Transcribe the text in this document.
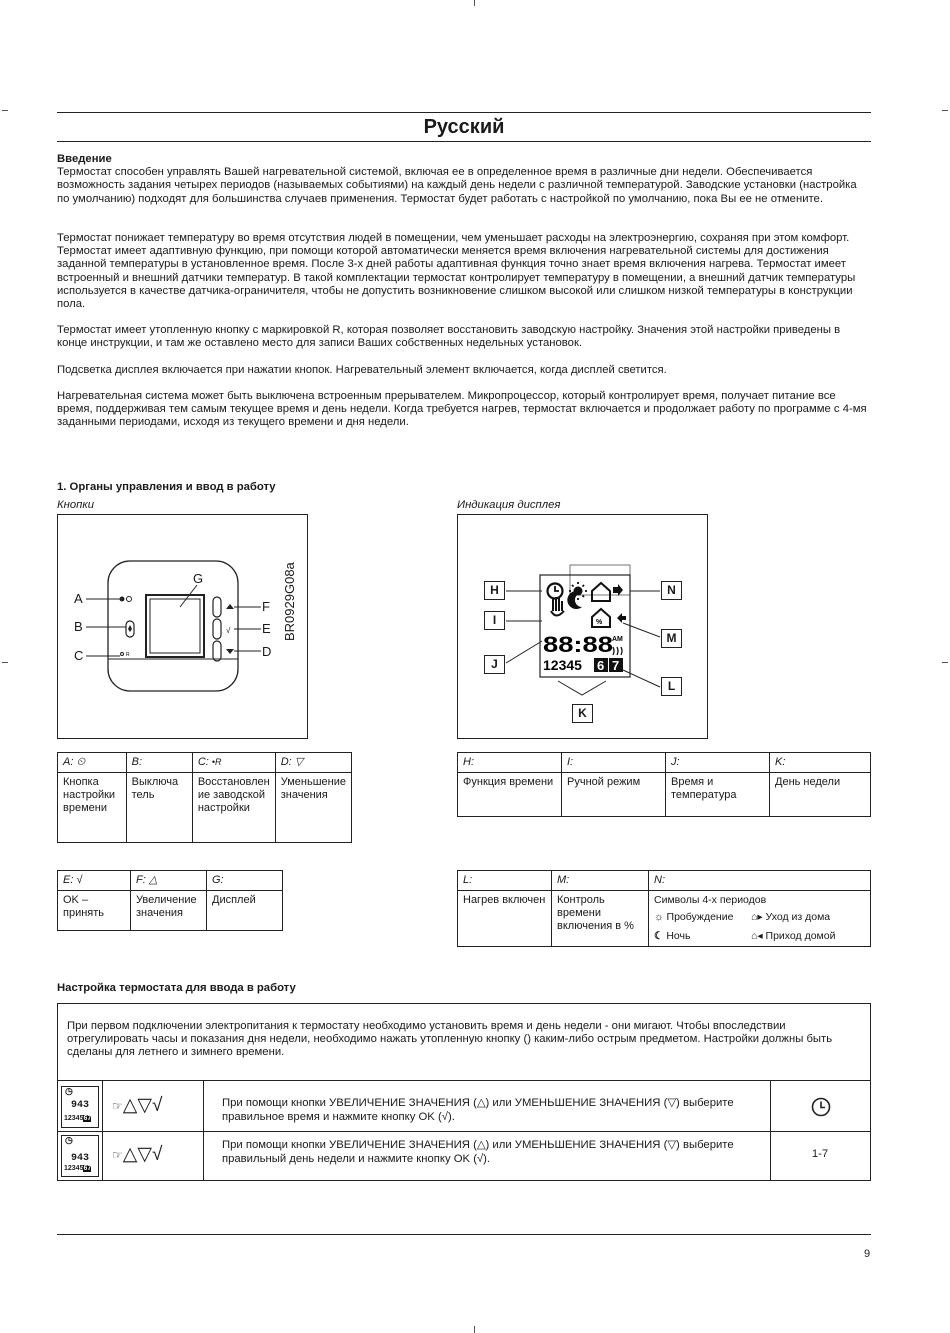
Русский
Введение
Термостат способен управлять Вашей нагревательной системой, включая ее в определенное время в различные дни недели. Обеспечивается возможность задания четырех периодов (называемых событиями) на каждый день недели с различной температурой. Заводские установки (настройка по умолчанию) подходят для большинства случаев применения. Термостат будет работать с настройкой по умолчанию, пока Вы ее не отмените.
Термостат понижает температуру во время отсутствия людей в помещении, чем уменьшает расходы на электроэнергию, сохраняя при этом комфорт. Термостат имеет адаптивную функцию, при помощи которой автоматически меняется время включения нагревательной системы для достижения заданной температуры в установленное время. После 3-х дней работы адаптивная функция точно знает время включения нагрева. Термостат имеет встроенный и внешний датчики температур. В такой комплектации термостат контролирует температуру в помещении, а внешний датчик температуры используется в качестве датчика-ограничителя, чтобы не допустить возникновение слишком высокой или слишком низкой температуры в конструкции пола.
Термостат имеет утопленную кнопку с маркировкой R, которая позволяет восстановить заводскую настройку. Значения этой настройки приведены в конце инструкции, и там же оставлено место для записи Ваших собственных недельных установок.
Подсветка дисплея включается при нажатии кнопок. Нагревательный элемент включается, когда дисплей светится.
Нагревательная система может быть выключена встроенным прерывателем. Микропроцессор, который контролирует время, получает питание все время, поддерживая тем самым текущее время и день недели. Когда требуется нагрев, термостат включается и продолжает работу по программе с 4-мя заданными периодами, исходя из текущего времени и дня недели.
1. Органы управления и ввод в работу
Кнопки	Индикация дисплея
R
√
A
B
C
G
F
E
D
BR0929G08a	%
88:88 AM
12345 6 7
H
I
J
N
M
L
K
A: ⏲	B:	C: •R	D: ▽
Кнопка настройки времени	Выключа тель	Восстановлен ие заводской настройки	Уменьшение значения
H:	I:	J:	K:
Функция времени	Ручной режим	Время и температура	День недели
E: √	F: △	G:
OK – принять	Увеличение значения	Дисплей
L:	M:	N:
Нагрев включен	Контроль времени включения в %	Символы 4-х периодов
☼ Пробуждение ⌂▸ Уход из дома
☾ Ночь ⌂◂ Приход домой
Настройка термостата для ввода в работу
При первом подключении электропитания к термостату необходимо установить время и день недели - они мигают. Чтобы впоследствии отрегулировать часы и показания дня недели, необходимо нажать утопленную кнопку () каким-либо острым предметом. Настройки должны быть сделаны для летнего и зимнего времени.
◷
943
1234567
☞△▽√	При помощи кнопки УВЕЛИЧЕНИЕ ЗНАЧЕНИЯ (△) или УМЕНЬШЕНИЕ ЗНАЧЕНИЯ (▽) выберите правильное время и нажмите кнопку OK (√).
◷
943
1234567
☞△▽√	При помощи кнопки УВЕЛИЧЕНИЕ ЗНАЧЕНИЯ (△) или УМЕНЬШЕНИЕ ЗНАЧЕНИЯ (▽) выберите правильный день недели и нажмите кнопку OK (√).	1-7
9
